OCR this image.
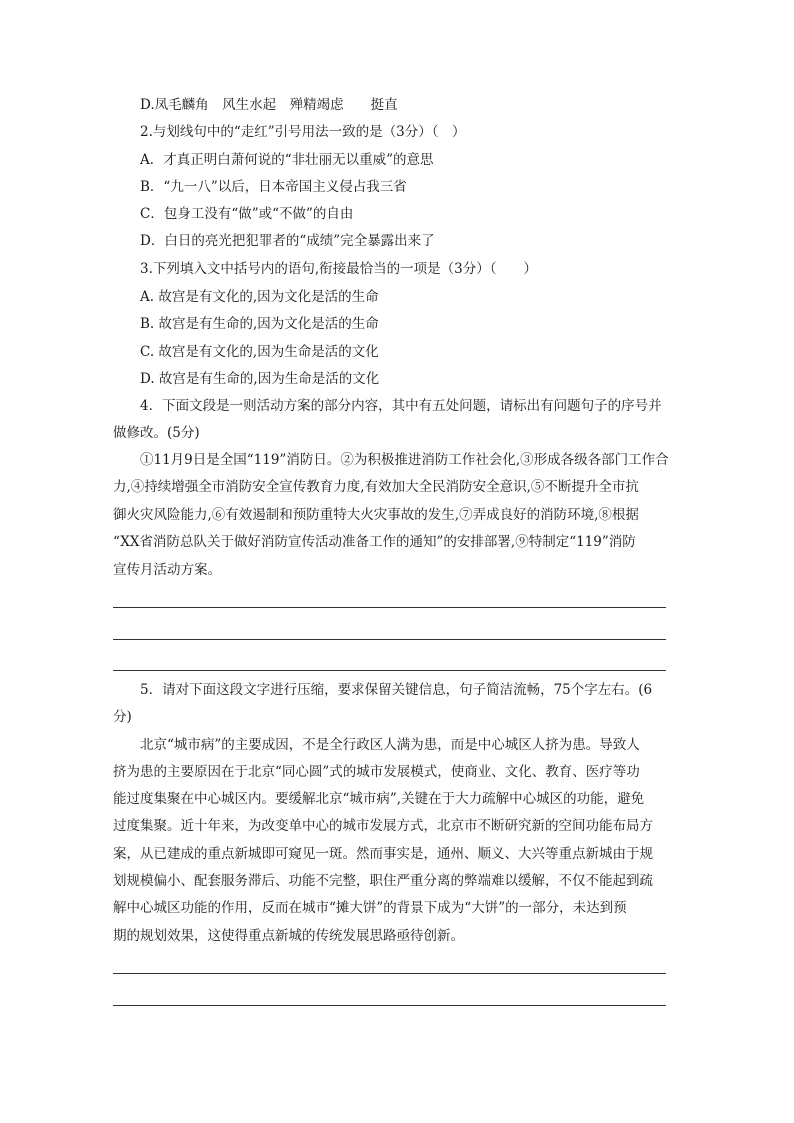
D.凤毛麟角　风生水起　殚精竭虑　　挺直
2.与划线句中的“走红”引号用法一致的是（3分）（　）
A．才真正明白萧何说的“非壮丽无以重威”的意思
B．“九一八”以后，日本帝国主义侵占我三省
C．包身工没有“做”或“不做”的自由
D．白日的亮光把犯罪者的“成绩”完全暴露出来了
3.下列填入文中括号内的语句,衔接最恰当的一项是（3分）（　　）
A. 故宫是有文化的,因为文化是活的生命
B. 故宫是有生命的,因为文化是活的生命
C. 故宫是有文化的,因为生命是活的文化
D. 故宫是有生命的,因为生命是活的文化
4．下面文段是一则活动方案的部分内容，其中有五处问题，请标出有问题句子的序号并
做修改。(5分)
①11月9日是全国“119”消防日。②为积极推进消防工作社会化,③形成各级各部门工作合
力,④持续增强全市消防安全宣传教育力度,有效加大全民消防安全意识,⑤不断提升全市抗
御火灾风险能力,⑥有效遏制和预防重特大火灾事故的发生,⑦弄成良好的消防环境,⑧根据
“XX省消防总队关于做好消防宣传活动准备工作的通知”的安排部署,⑨特制定“119”消防
宣传月活动方案。
5．请对下面这段文字进行压缩，要求保留关键信息，句子简洁流畅，75个字左右。(6
分)
北京“城市病”的主要成因，不是全行政区人满为患，而是中心城区人挤为患。导致人
挤为患的主要原因在于北京“同心圆”式的城市发展模式，使商业、文化、教育、医疗等功
能过度集聚在中心城区内。要缓解北京“城市病”,关键在于大力疏解中心城区的功能，避免
过度集聚。近十年来，为改变单中心的城市发展方式，北京市不断研究新的空间功能布局方
案，从已建成的重点新城即可窥见一斑。然而事实是，通州、顺义、大兴等重点新城由于规
划规模偏小、配套服务滞后、功能不完整，职住严重分离的弊端难以缓解，不仅不能起到疏
解中心城区功能的作用，反而在城市“摊大饼”的背景下成为“大饼”的一部分，未达到预
期的规划效果，这使得重点新城的传统发展思路亟待创新。
